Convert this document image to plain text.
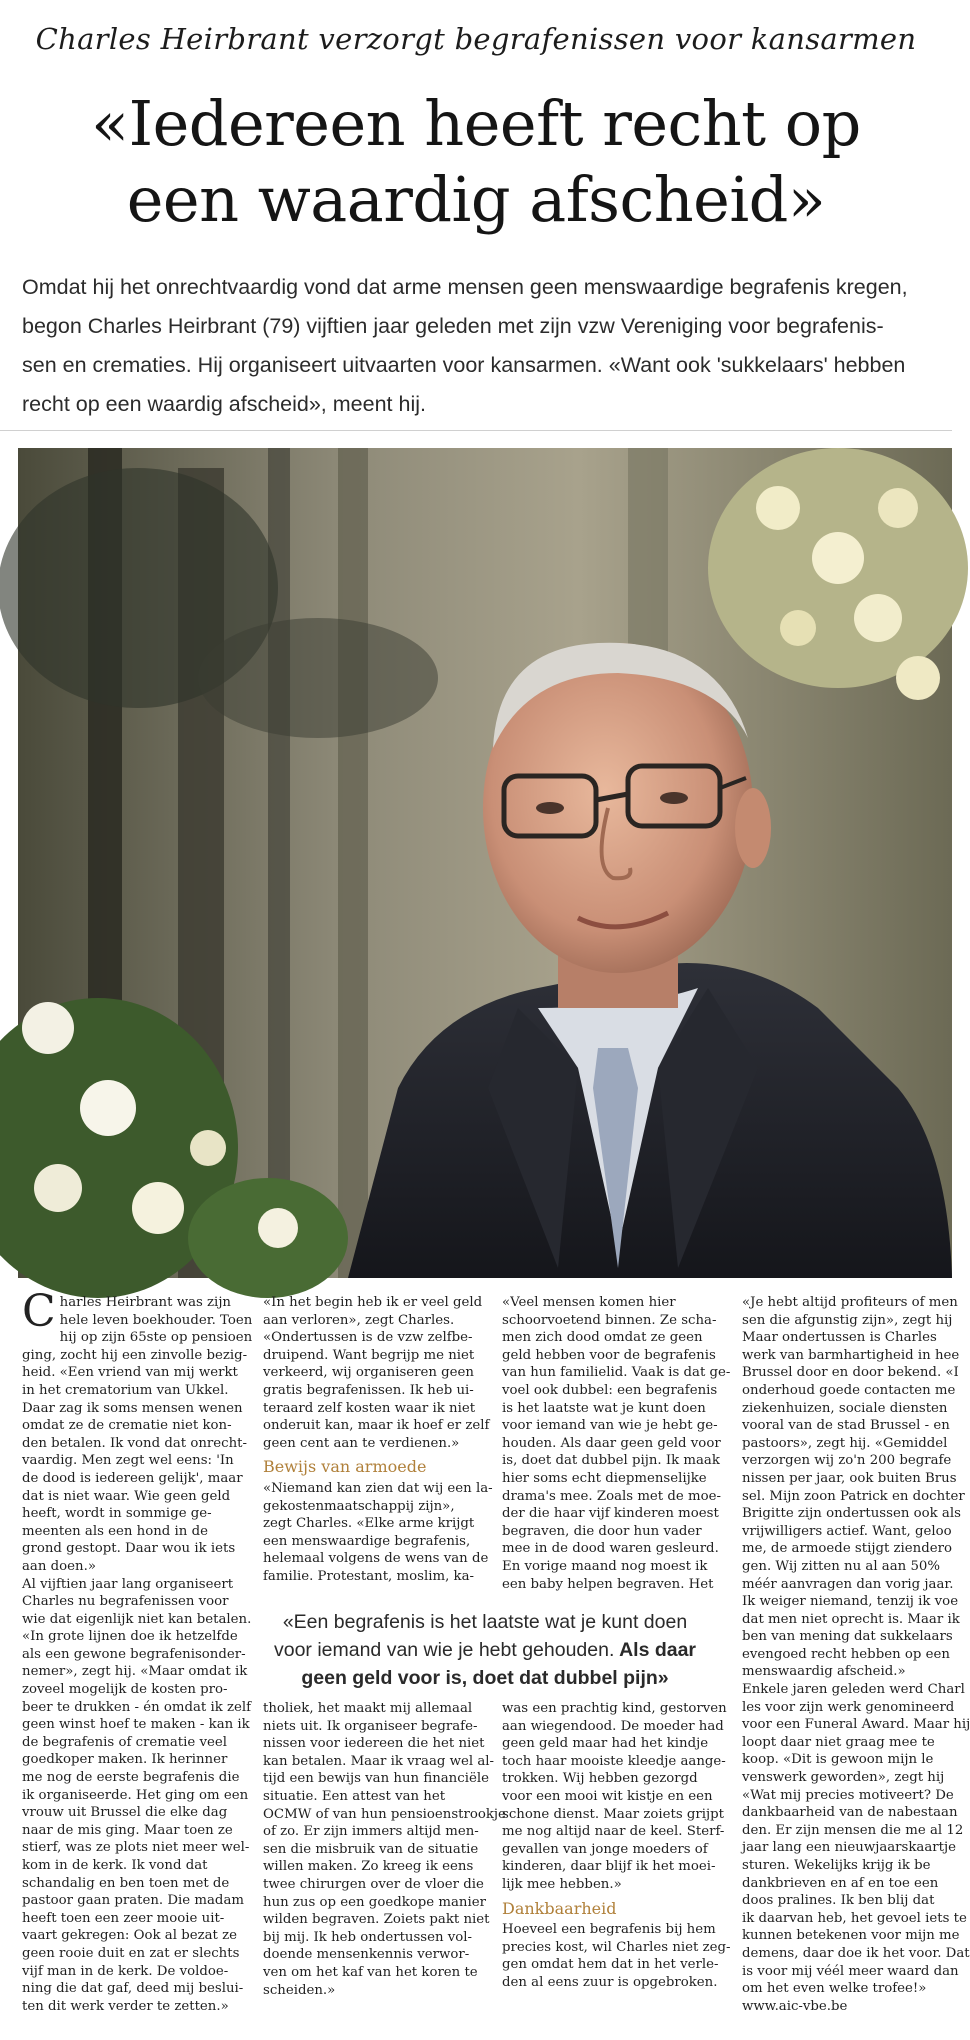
Charles Heirbrant verzorgt begrafenissen voor kansarmen
«Iedereen heeft recht op
een waardig afscheid»
Omdat hij het onrechtvaardig vond dat arme mensen geen menswaardige begrafenis kregen,
begon Charles Heirbrant (79) vijftien jaar geleden met zijn vzw Vereniging voor begrafenis-
sen en crematies. Hij organiseert uitvaarten voor kansarmen. «Want ook 'sukkelaars' hebben
recht op een waardig afscheid», meent hij.
C harles Heirbrant was zijn
hele leven boekhouder. Toen
hij op zijn 65ste op pensioen
ging, zocht hij een zinvolle bezig-
heid. «Een vriend van mij werkt
in het crematorium van Ukkel.
Daar zag ik soms mensen wenen
omdat ze de crematie niet kon-
den betalen. Ik vond dat onrecht-
vaardig. Men zegt wel eens: 'In
de dood is iedereen gelijk', maar
dat is niet waar. Wie geen geld
heeft, wordt in sommige ge-
meenten als een hond in de
grond gestopt. Daar wou ik iets
aan doen.»
Al vijftien jaar lang organiseert
Charles nu begrafenissen voor
wie dat eigenlijk niet kan betalen.
«In grote lijnen doe ik hetzelfde
als een gewone begrafenisonder-
nemer», zegt hij. «Maar omdat ik
zoveel mogelijk de kosten pro-
beer te drukken - én omdat ik zelf
geen winst hoef te maken - kan ik
de begrafenis of crematie veel
goedkoper maken. Ik herinner
me nog de eerste begrafenis die
ik organiseerde. Het ging om een
vrouw uit Brussel die elke dag
naar de mis ging. Maar toen ze
stierf, was ze plots niet meer wel-
kom in de kerk. Ik vond dat
schandalig en ben toen met de
pastoor gaan praten. Die madam
heeft toen een zeer mooie uit-
vaart gekregen: Ook al bezat ze
geen rooie duit en zat er slechts
vijf man in de kerk. De voldoe-
ning die dat gaf, deed mij beslui-
ten dit werk verder te zetten.»
«In het begin heb ik er veel geld
aan verloren», zegt Charles.
«Ondertussen is de vzw zelfbe-
druipend. Want begrijp me niet
verkeerd, wij organiseren geen
gratis begrafenissen. Ik heb ui-
teraard zelf kosten waar ik niet
onderuit kan, maar ik hoef er zelf
geen cent aan te verdienen.»
Bewijs van armoede
«Niemand kan zien dat wij een la-
gekostenmaatschappij zijn»,
zegt Charles. «Elke arme krijgt
een menswaardige begrafenis,
helemaal volgens de wens van de
familie. Protestant, moslim, ka-
«Veel mensen komen hier
schoorvoetend binnen. Ze scha-
men zich dood omdat ze geen
geld hebben voor de begrafenis
van hun familielid. Vaak is dat ge-
voel ook dubbel: een begrafenis
is het laatste wat je kunt doen
voor iemand van wie je hebt ge-
houden. Als daar geen geld voor
is, doet dat dubbel pijn. Ik maak
hier soms echt diepmenselijke
drama's mee. Zoals met de moe-
der die haar vijf kinderen moest
begraven, die door hun vader
mee in de dood waren gesleurd.
En vorige maand nog moest ik
een baby helpen begraven. Het
«Een begrafenis is het laatste wat je kunt doen
voor iemand van wie je hebt gehouden. Als daar
geen geld voor is, doet dat dubbel pijn»
tholiek, het maakt mij allemaal
niets uit. Ik organiseer begrafe-
nissen voor iedereen die het niet
kan betalen. Maar ik vraag wel al-
tijd een bewijs van hun financiële
situatie. Een attest van het
OCMW of van hun pensioenstrookje
of zo. Er zijn immers altijd men-
sen die misbruik van de situatie
willen maken. Zo kreeg ik eens
twee chirurgen over de vloer die
hun zus op een goedkope manier
wilden begraven. Zoiets pakt niet
bij mij. Ik heb ondertussen vol-
doende mensenkennis verwor-
ven om het kaf van het koren te
scheiden.»
was een prachtig kind, gestorven
aan wiegendood. De moeder had
geen geld maar had het kindje
toch haar mooiste kleedje aange-
trokken. Wij hebben gezorgd
voor een mooi wit kistje en een
schone dienst. Maar zoiets grijpt
me nog altijd naar de keel. Sterf-
gevallen van jonge moeders of
kinderen, daar blijf ik het moei-
lijk mee hebben.»
Dankbaarheid
Hoeveel een begrafenis bij hem
precies kost, wil Charles niet zeg-
gen omdat hem dat in het verle-
den al eens zuur is opgebroken.
«Je hebt altijd profiteurs of men
sen die afgunstig zijn», zegt hij
Maar ondertussen is Charles
werk van barmhartigheid in hee
Brussel door en door bekend. «I
onderhoud goede contacten me
ziekenhuizen, sociale diensten
vooral van de stad Brussel - en
pastoors», zegt hij. «Gemiddel
verzorgen wij zo'n 200 begrafe
nissen per jaar, ook buiten Brus
sel. Mijn zoon Patrick en dochter
Brigitte zijn ondertussen ook als
vrijwilligers actief. Want, geloo
me, de armoede stijgt ziendero
gen. Wij zitten nu al aan 50%
méér aanvragen dan vorig jaar.
Ik weiger niemand, tenzij ik voe
dat men niet oprecht is. Maar ik
ben van mening dat sukkelaars
evengoed recht hebben op een
menswaardig afscheid.»
Enkele jaren geleden werd Charl
les voor zijn werk genomineerd
voor een Funeral Award. Maar hij
loopt daar niet graag mee te
koop. «Dit is gewoon mijn le
venswerk geworden», zegt hij
«Wat mij precies motiveert? De
dankbaarheid van de nabestaan
den. Er zijn mensen die me al 12
jaar lang een nieuwjaarskaartje
sturen. Wekelijks krijg ik be
dankbrieven en af en toe een
doos pralines. Ik ben blij dat
ik daarvan heb, het gevoel iets te
kunnen betekenen voor mijn me
demens, daar doe ik het voor. Dat
is voor mij véél meer waard dan
om het even welke trofee!»
www.aic-vbe.be
